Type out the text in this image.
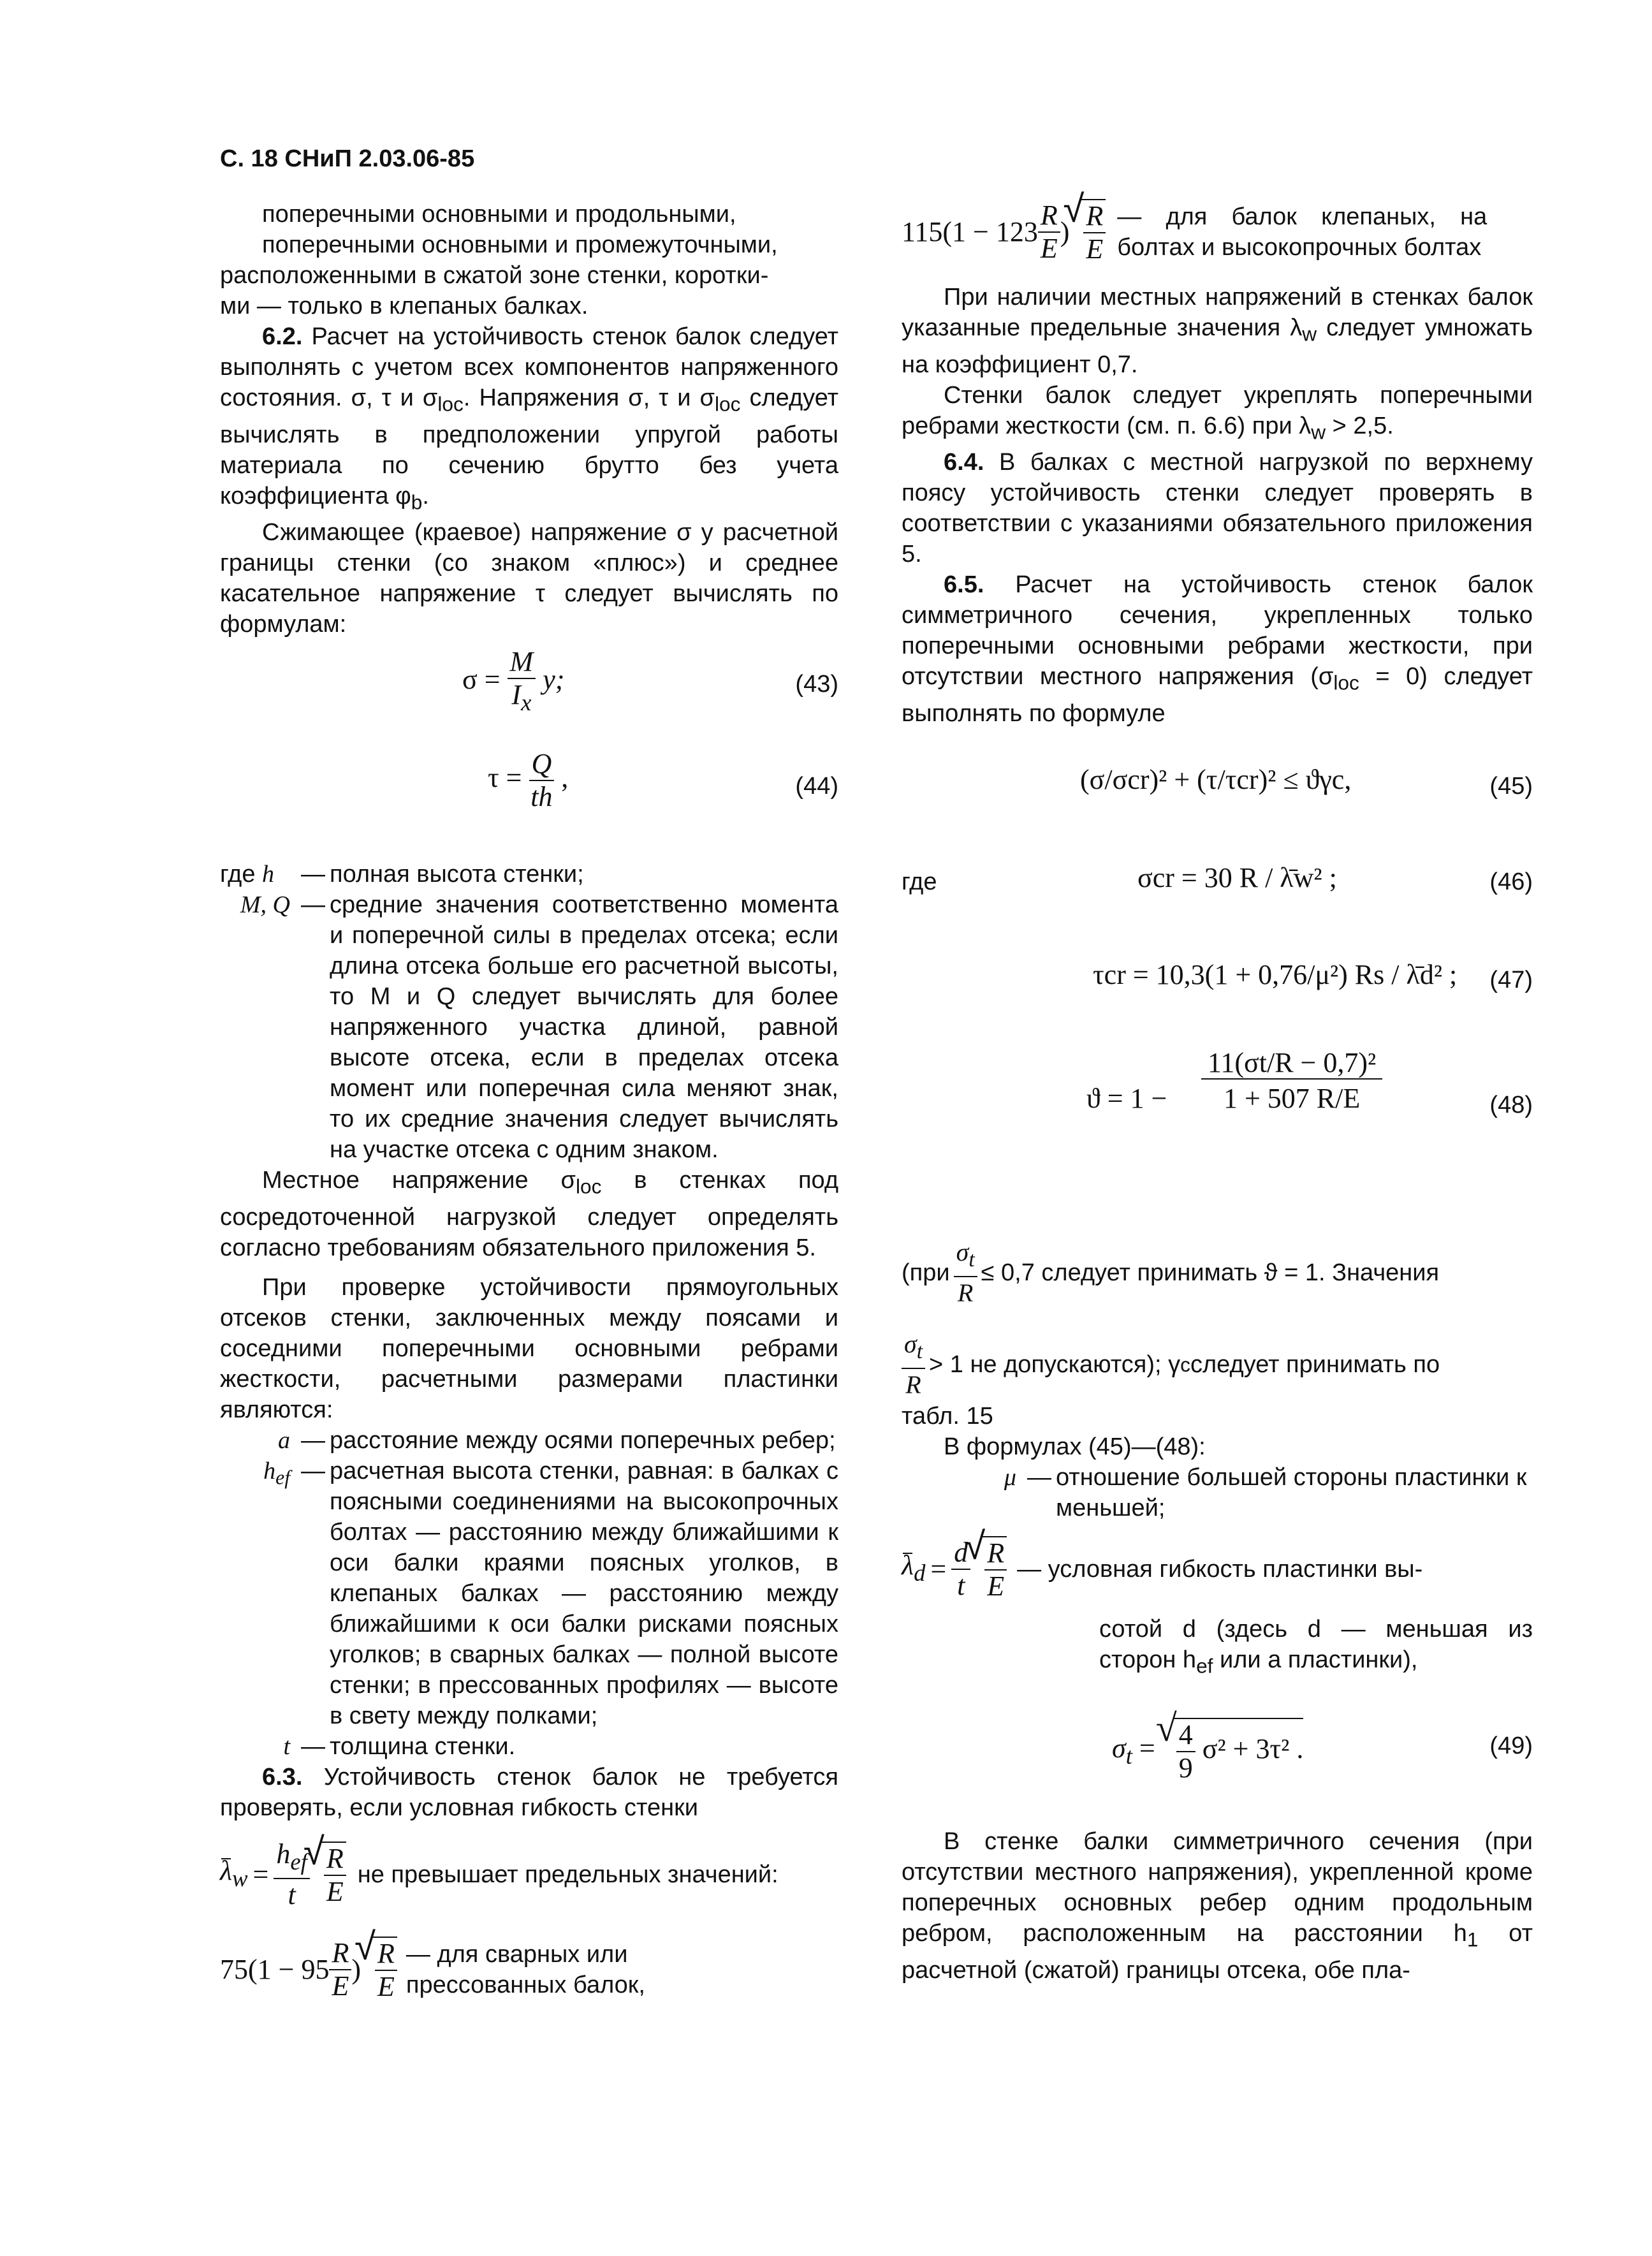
С. 18 СНиП 2.03.06-85

поперечными основными и продольными,

поперечными основными и промежуточными,

расположенными в сжатой зоне стенки, коротки-

ми — только в клепаных балках.

6.2. Расчет на устойчивость стенок балок следует выполнять с учетом всех компонентов напряженного состояния. σ, τ и $\sigma_{loc}$. Напряжения σ, τ и $\sigma_{loc}$ следует вычислять в предположении упругой работы материала по сечению брутто без учета коэффициента $\varphi_b$.

Сжимающее (краевое) напряжение σ у расчетной границы стенки (со знаком «плюс») и среднее касательное напряжение τ следует вычислять по формулам:

$\sigma = \frac{M}{I_x} y$;	(43)
$\tau = \frac{Q}{th}$ ,	(44)
где h	— полная высота стенки;
M, Q — средние значения соответственно момента и поперечной силы в пределах отсека; если длина отсека больше его расчетной высоты, то M и Q следует вычислять для более напряженного участка длиной, равной высоте отсека, если в пределах отсека момент или поперечная сила меняют знак, то их средние значения следует вычислять на участке отсека с одним знаком.

Местное напряжение $\sigma_{loc}$ в стенках под сосредоточенной нагрузкой следует определять согласно требованиям обязательного приложения 5.

При проверке устойчивости прямоугольных отсеков стенки, заключенных между поясами и соседними поперечными основными ребрами жесткости, расчетными размерами пластинки являются:

a — расстояние между осями поперечных ребер;
$h_{ef}$ — расчетная высота стенки, равная: в балках с поясными соединениями на высокопрочных болтах — расстоянию между ближайшими к оси балки краями поясных уголков, в клепаных балках — расстоянию между ближайшими к оси балки рисками поясных уголков; в сварных балках — полной высоте стенки; в прессованных профилях — высоте в свету между полками;
t — толщина стенки.

6.3. Устойчивость стенок балок не требуется проверять, если условная гибкость стенки

$\lambda_w = \frac{h_{ef}}{t}$ √ $\frac{R}{E}$ не превышает предельных значений:
$75(1 - 95 \frac{R}{E}$ ) √ $\frac{R}{E}$ — для сварных или прессованных балок,
$115(1 - 123 \frac{R}{E}$ ) √ $\frac{R}{E}$ — для балок клепаных, на болтах и высокопрочных болтах

При наличии местных напряжений в стенках балок указанные предельные значения $\lambda_w$ следует умножать на коэффициент 0,7.

Стенки балок следует укреплять поперечными ребрами жесткости (см. п. 6.6) при $\lambda_w > 2,5$.

6.4. В балках с местной нагрузкой по верхнему поясу устойчивость стенки следует проверять в соответствии с указаниями обязательного приложения 5.

6.5. Расчет на устойчивость стенок балок симметричного сечения, укрепленных только поперечными основными ребрами жесткости, при отсутствии местного напряжения $(\sigma_{loc} = 0)$ следует выполнять по формуле

(σ/σcr)² + (τ/τcr)² ≤ ϑγc,	(45)
где	σcr = 30 R / λ̄w² ;	(46)
τcr = 10,3(1 + 0,76/μ²) Rs / λ̄d² ; (47)
$ϑ = 1 - \frac{\text{11(σt/R − 0,7)²}}{1 + 507 R/E}$	(48)
($при \frac{\sigma_t}{R} \le 0,7$ следует принимать ϑ = 1. Значения
$\frac{\sigma_t}{R} > 1$ не допускаются); γ c следует принимать по

табл. 15

В формулах (45)—(48):

μ — отношение большей стороны пластинки к меньшей;
$\lambda_d = \frac{d}{t}$ √ $\frac{R}{E}$ — условная гибкость пластинки вы-

сотой d (здесь d — меньшая из сторон $h_{ef}$ или a пластинки),

$\sigma_t$ = √ $\frac{4}{9} \sigma^2 + 3\tau^2$ .	(49)

В стенке балки симметричного сечения (при отсутствии местного напряжения), укрепленной кроме поперечных основных ребер одним продольным ребром, расположенным на расстоянии $h_1$ от расчетной (сжатой) границы отсека, обе пла-
